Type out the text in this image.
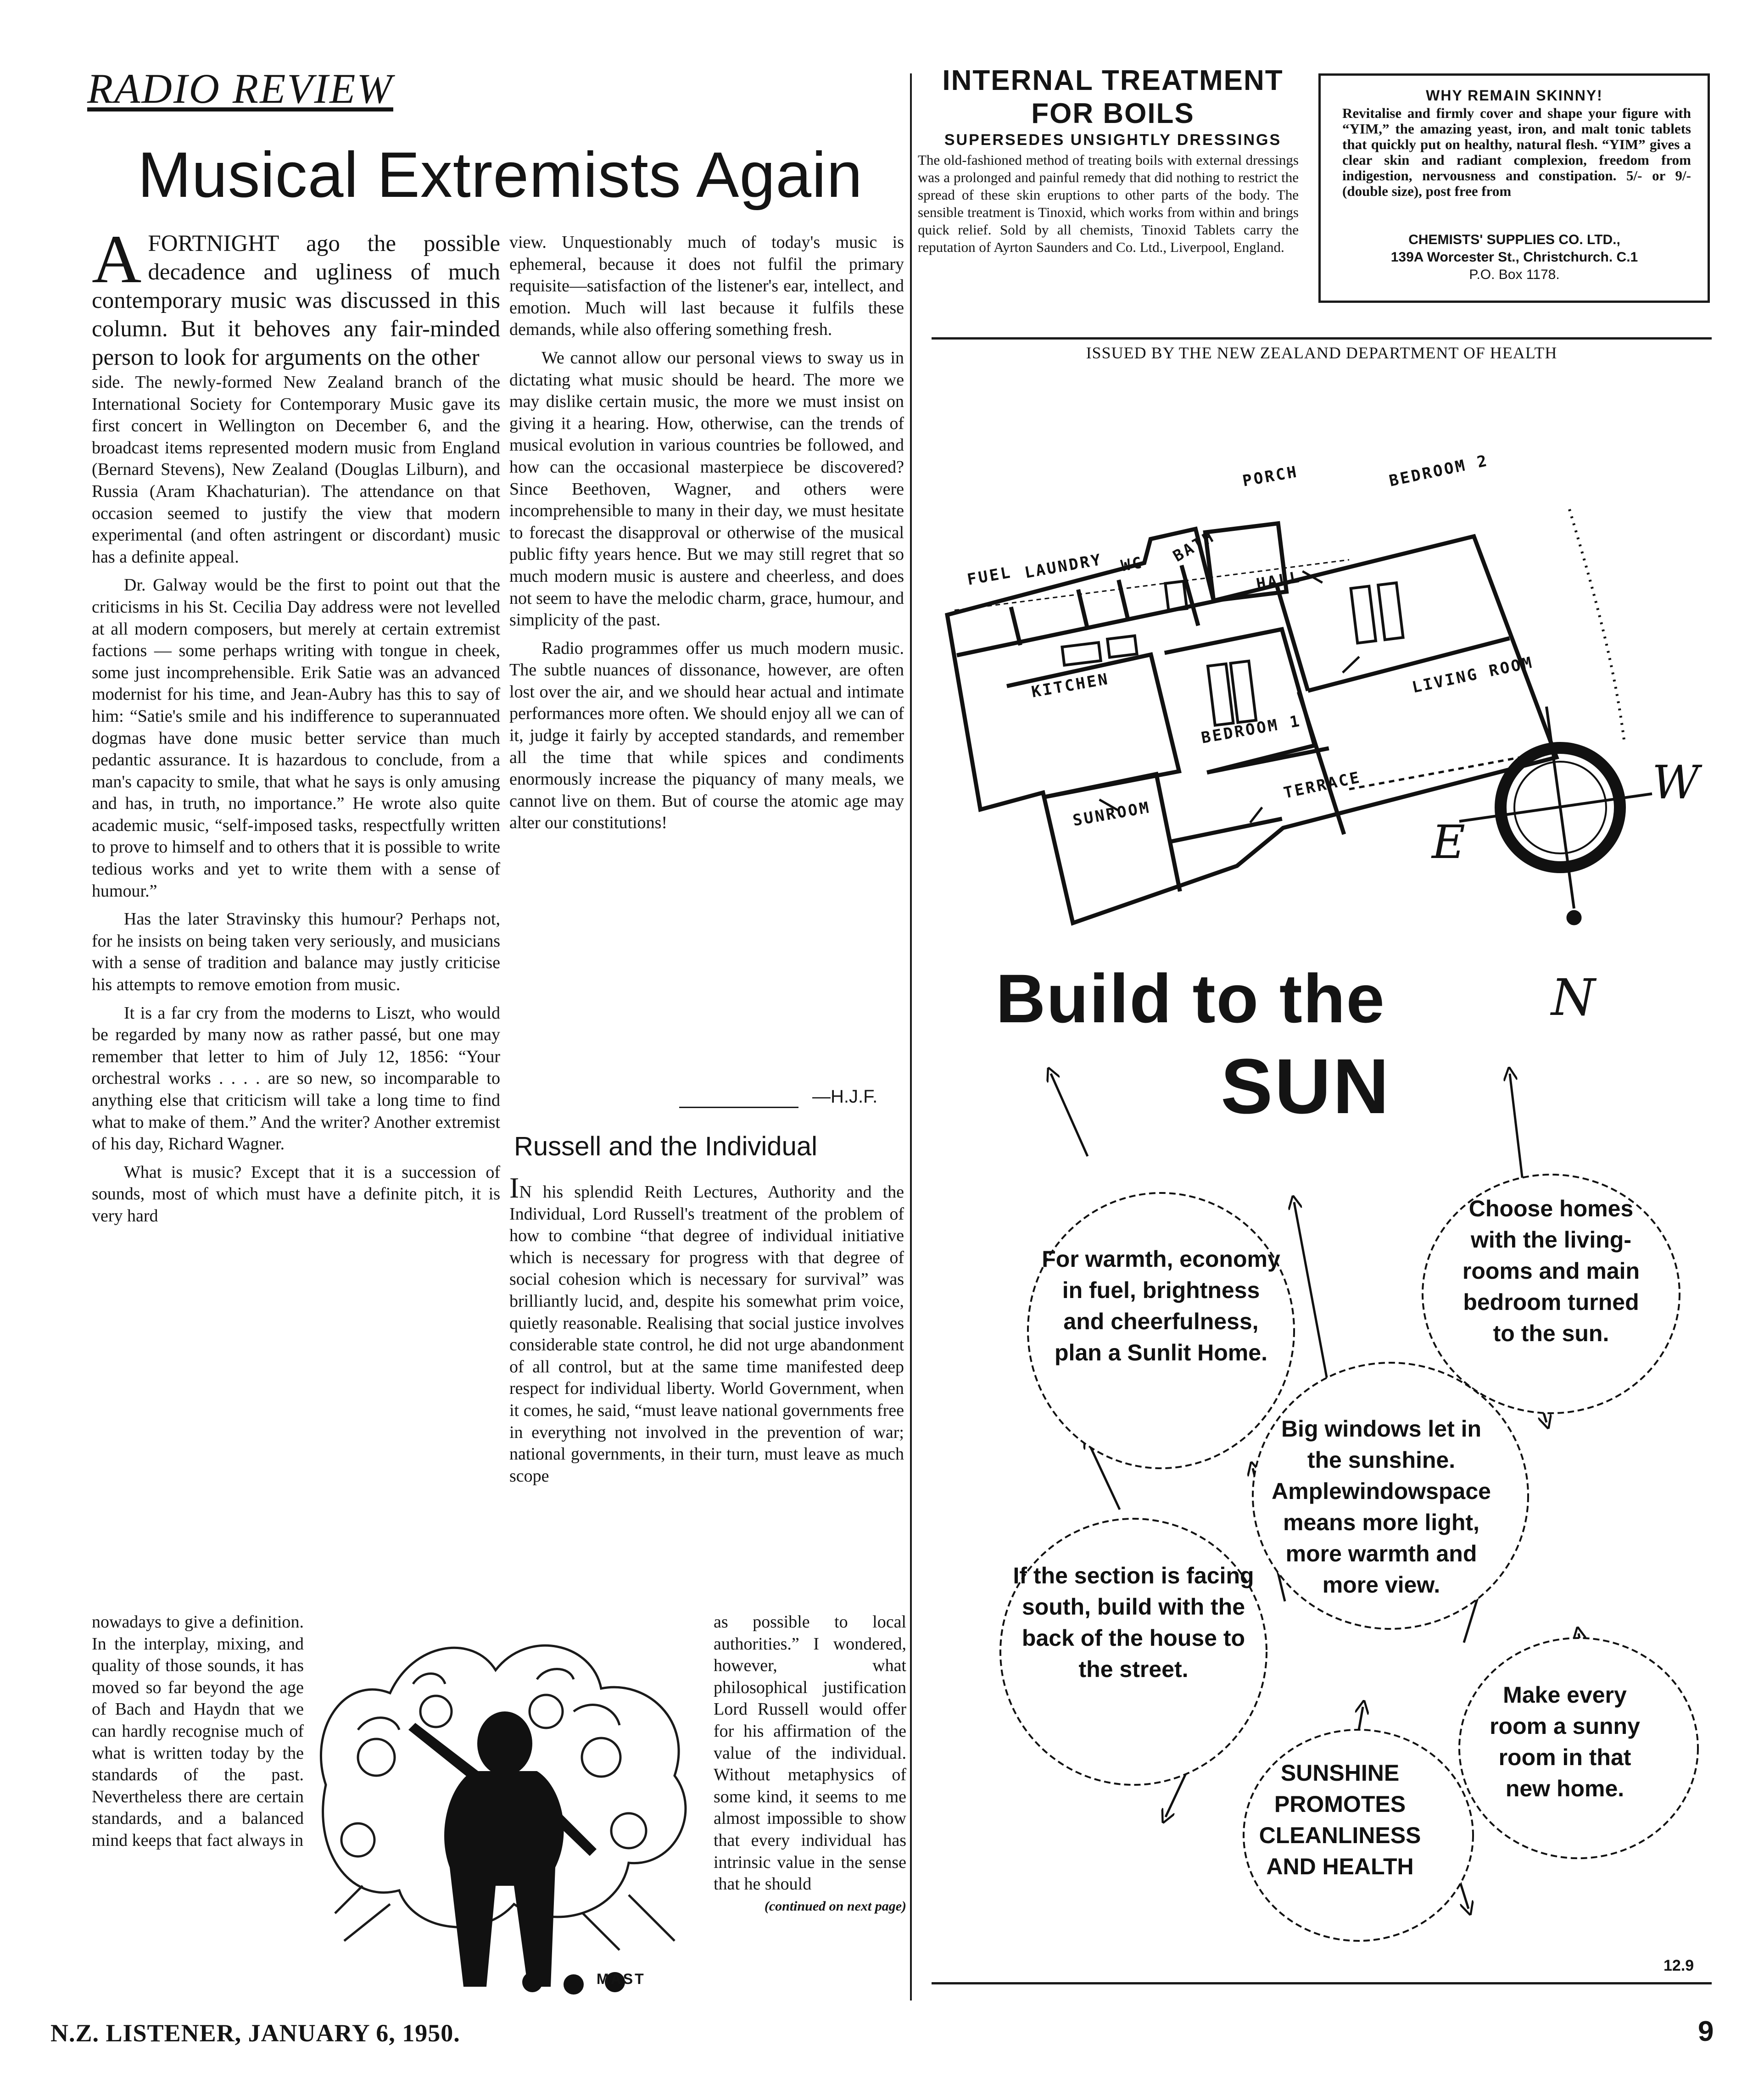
RADIO REVIEW
Musical Extremists Again
AFORTNIGHT ago the possible decadence and ugliness of much contemporary music was discussed in this column. But it behoves any fair-minded person to look for arguments on the other

side. The newly-formed New Zealand branch of the International Society for Contemporary Music gave its first concert in Wellington on December 6, and the broadcast items represented modern music from England (Bernard Stevens), New Zealand (Douglas Lilburn), and Russia (Aram Khachaturian). The attendance on that occasion seemed to justify the view that modern experimental (and often astringent or discordant) music has a definite appeal.

Dr. Galway would be the first to point out that the criticisms in his St. Cecilia Day address were not levelled at all modern composers, but merely at certain extremist factions — some perhaps writing with tongue in cheek, some just incomprehensible. Erik Satie was an advanced modernist for his time, and Jean-Aubry has this to say of him: “Satie's smile and his indifference to superannuated dogmas have done music better service than much pedantic assurance. It is hazardous to conclude, from a man's capacity to smile, that what he says is only amusing and has, in truth, no importance.” He wrote also quite academic music, “self-imposed tasks, respectfully written to prove to himself and to others that it is possible to write tedious works and yet to write them with a sense of humour.”

Has the later Stravinsky this humour? Perhaps not, for he insists on being taken very seriously, and musicians with a sense of tradition and balance may justly criticise his attempts to remove emotion from music.

It is a far cry from the moderns to Liszt, who would be regarded by many now as rather passé, but one may remember that letter to him of July 12, 1856: “Your orchestral works . . . . are so new, so incomparable to anything else that criticism will take a long time to find what to make of them.” And the writer? Another extremist of his day, Richard Wagner.

What is music? Except that it is a succession of sounds, most of which must have a definite pitch, it is very hard

nowadays to give a definition. In the interplay, mixing, and quality of those sounds, it has moved so far beyond the age of Bach and Haydn that we can hardly recognise much of what is written today by the standards of the past. Nevertheless there are certain standards, and a balanced mind keeps that fact always in

view. Unquestionably much of today's music is ephemeral, because it does not fulfil the primary requisite—satisfaction of the listener's ear, intellect, and emotion. Much will last because it fulfils these demands, while also offering something fresh.

We cannot allow our personal views to sway us in dictating what music should be heard. The more we may dislike certain music, the more we must insist on giving it a hearing. How, otherwise, can the trends of musical evolution in various countries be followed, and how can the occasional masterpiece be discovered? Since Beethoven, Wagner, and others were incomprehensible to many in their day, we must hesitate to forecast the disapproval or otherwise of the musical public fifty years hence. But we may still regret that so much modern music is austere and cheerless, and does not seem to have the melodic charm, grace, humour, and simplicity of the past.

Radio programmes offer us much modern music. The subtle nuances of dissonance, however, are often lost over the air, and we should hear actual and intimate performances more often. We should enjoy all we can of it, judge it fairly by accepted standards, and remember all the time that while spices and condiments enormously increase the piquancy of many meals, we cannot live on them. But of course the atomic age may alter our constitutions!

—H.J.F.
Russell and the Individual

IN his splendid Reith Lectures, Authority and the Individual, Lord Russell's treatment of the problem of how to combine “that degree of individual initiative which is necessary for progress with that degree of social cohesion which is necessary for survival” was brilliantly lucid, and, despite his somewhat prim voice, quietly reasonable. Realising that social justice involves considerable state control, he did not urge abandonment of all control, but at the same time manifested deep respect for individual liberty. World Government, when it comes, he said, “must leave national governments free in everything not involved in the prevention of war; national governments, in their turn, must leave as much scope

as possible to local authorities.” I wondered, however, what philosophical justification Lord Russell would offer for his affirmation of the value of the individual. Without metaphysics of some kind, it seems to me almost impossible to show that every individual has intrinsic value in the sense that he should

(continued on next page)
MAST
INTERNAL TREATMENT
FOR BOILS
SUPERSEDES UNSIGHTLY DRESSINGS
The old-fashioned method of treating boils with external dressings was a prolonged and painful remedy that did nothing to restrict the spread of these skin eruptions to other parts of the body. The sensible treatment is Tinoxid, which works from within and brings quick relief. Sold by all chemists, Tinoxid Tablets carry the reputation of Ayrton Saunders and Co. Ltd., Liverpool, England.
WHY REMAIN SKINNY!
Revitalise and firmly cover and shape your figure with “YIM,” the amazing yeast, iron, and malt tonic tablets that quickly put on healthy, natural flesh. “YIM” gives a clear skin and radiant complexion, freedom from indigestion, nervousness and constipation. 5/- or 9/- (double size), post free from
CHEMISTS' SUPPLIES CO. LTD.,
139A Worcester St., Christchurch. C.1
P.O. Box 1178.
ISSUED BY THE NEW ZEALAND DEPARTMENT OF HEALTH
PORCH	BEDROOM 2
FUEL LAUNDRY WC BATH
HALL
KITCHEN	LIVING ROOM
BEDROOM 1
SUNROOM
TERRACE
E
W
Build to the	N
SUN
For warmth, economy in fuel, brightness and cheerfulness, plan a Sunlit Home.
Choose homes with the living-rooms and main bedroom turned to the sun.
Big windows let in the sunshine. Amplewindowspace means more light, more warmth and more view.
If the section is facing south, build with the back of the house to the street.
Make every room a sunny room in that new home.
SUNSHINE PROMOTES CLEANLINESS AND HEALTH
12.9
N.Z. LISTENER, JANUARY 6, 1950.	9
